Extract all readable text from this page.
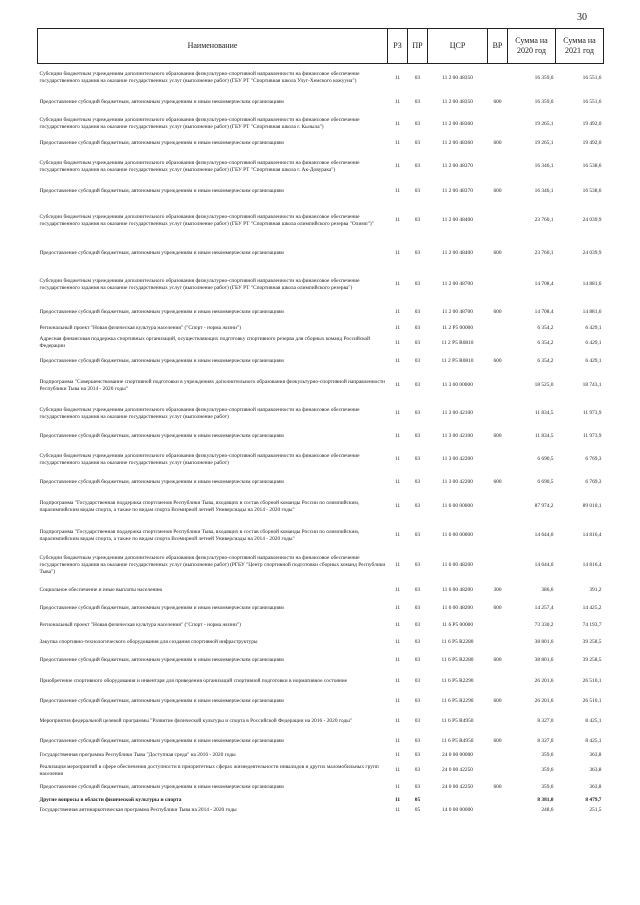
30
Наименование	РЗ	ПР	ЦСР	ВР	Сумма на 2020 год	Сумма на 2021 год
Субсидии бюджетным учреждениям дополнительного образования физкультурно-спортивной направленности на финансовое обеспечение государственного задания на оказание государственных услуг (выполнение работ) (ГБУ РТ "Спортивная школа Улуг-Хемского кожууна")	11	03	11 2 00 48350		16 359,0	16 551,6
Предоставление субсидий бюджетным, автономным учреждениям и иным некоммерческим организациям	11	03	11 2 00 48350	600	16 359,0	16 551,6
Субсидии бюджетным учреждениям дополнительного образования физкультурно-спортивной направленности на финансовое обеспечение государственного задания на оказание государственных услуг (выполнение работ) (ГБУ РТ "Спортивная школа г. Кызыла")	11	03	11 2 00 48360		19 265,1	19 492,0
Предоставление субсидий бюджетным, автономным учреждениям и иным некоммерческим организациям	11	03	11 2 00 48360	600	19 265,1	19 492,0
Субсидии бюджетным учреждениям дополнительного образования физкультурно-спортивной направленности на финансовое обеспечение государственного задания на оказание государственных услуг (выполнение работ) (ГБУ РТ "Спортивная школа г. Ак-Довурака")	11	03	11 2 00 48370		16 346,1	16 538,6
Предоставление субсидий бюджетным, автономным учреждениям и иным некоммерческим организациям	11	03	11 2 00 48370	600	16 346,1	16 538,6
Субсидии бюджетным учреждениям дополнительного образования физкультурно-спортивной направленности на финансовое обеспечение государственного задания на оказание государственных услуг (выполнение работ) (ГБУ РТ "Спортивная школа олимпийского резерва "Олимп")"	11	03	11 2 00 48400		23 760,1	24 039,9
Предоставление субсидий бюджетным, автономным учреждениям и иным некоммерческим организациям	11	03	11 2 00 48400	600	23 760,1	24 039,9
Субсидии бюджетным учреждениям дополнительного образования физкультурно-спортивной направленности на финансовое обеспечение государственного задания на оказание государственных услуг (выполнение работ) (ГБУ РТ "Спортивная школа олимпийского резерва")	11	03	11 2 00 48700		14 708,4	14 881,6
Предоставление субсидий бюджетным, автономным учреждениям и иным некоммерческим организациям	11	03	11 2 00 48700	600	14 708,4	14 881,6
Региональный проект "Новая физическая культура населения" ("Спорт - норма жизни")	11	03	11 2 P5 00000		6 354,2	6 429,1
Адресная финансовая поддержка спортивных организаций, осуществляющих подготовку спортивного резерва для сборных команд Российской Федерации	11	03	11 2 P5 R0810		6 354,2	6 429,1
Предоставление субсидий бюджетным, автономным учреждениям и иным некоммерческим организациям	11	03	11 2 P5 R0810	600	6 354,2	6 429,1
Подпрограмма "Совершенствование спортивной подготовки в учреждениях дополнительного образования физкультурно-спортивной направленности Республики Тыва на 2014 - 2020 годы"	11	03	11 3 00 00000		18 525,0	18 743,1
Субсидии бюджетным учреждениям дополнительного образования физкультурно-спортивной направленности на финансовое обеспечение государственного задания на оказание государственных услуг (выполнение работ)	11	03	11 3 00 42100		11 834,5	11 973,9
Предоставление субсидий бюджетным, автономным учреждениям и иным некоммерческим организациям	11	03	11 3 00 42100	600	11 834,5	11 973,9
Субсидии бюджетным учреждениям дополнительного образования физкультурно-спортивной направленности на финансовое обеспечение государственного задания на оказание государственных услуг (выполнение работ)	11	03	11 3 00 42200		6 690,5	6 769,3
Предоставление субсидий бюджетным, автономным учреждениям и иным некоммерческим организациям	11	03	11 3 00 42200	600	6 690,5	6 769,3
Подпрограмма "Государственная поддержка спортсменов Республики Тыва, входящих в состав сборной команды России по олимпийским, паралимпийским видам спорта, а также по видам спорта Всемирной летней Универсиады на 2014 - 2020 годы"	11	03	11 6 00 00000		87 974,2	89 010,1
Подпрограмма "Государственная поддержка спортсменов Республики Тыва, входящих в состав сборной команды России по олимпийским, паралимпийским видам спорта, а также по видам спорта Всемирной летней Универсиады на 2014 - 2020 годы"	11	03	11 6 00 00000		14 644,0	14 816,4
Субсидии бюджетным учреждениям дополнительного образования физкультурно-спортивной направленности на финансовое обеспечение государственного задания на оказание государственных услуг (выполнение работ) (РГБУ "Центр спортивной подготовки сборных команд Республики Тыва")	11	03	11 6 00 48200		14 644,0	14 816,4
Социальное обеспечение и иные выплаты населению	11	03	11 6 00 48200	300	386,6	391,2
Предоставление субсидий бюджетным, автономным учреждениям и иным некоммерческим организациям	11	03	11 6 00 48200	600	14 257,4	14 425,2
Региональный проект "Новая физическая культура населения" ("Спорт - норма жизни")	11	03	11 6 P5 00000		73 330,2	74 193,7
Закупка спортивно-технологического оборудования для создания спортивной инфраструктуры	11	03	11 6 P5 R2280		38 801,6	39 258,5
Предоставление субсидий бюджетным, автономным учреждениям и иным некоммерческим организациям	11	03	11 6 P5 R2280	600	38 801,6	39 258,5
Приобретение спортивного оборудования и инвентаря для приведения организаций спортивной подготовки в нормативное состояние	11	03	11 6 P5 R2290		26 201,6	26 510,1
Предоставление субсидий бюджетным, автономным учреждениям и иным некоммерческим организациям	11	03	11 6 P5 R2290	600	26 201,6	26 510,1
Мероприятия федеральной целевой программы "Развитие физической культуры и спорта в Российской Федерации на 2016 - 2020 годы"	11	03	11 6 P5 R4950		8 327,0	8 425,1
Предоставление субсидий бюджетным, автономным учреждениям и иным некоммерческим организациям	11	03	11 6 P5 R4950	600	8 327,0	8 425,1
Государственная программа Республики Тыва "Доступная среда" на 2016 - 2020 годы	11	03	24 0 00 00000		359,6	363,8
Реализация мероприятий в сфере обеспечения доступности в приоритетных сферах жизнедеятельности инвалидов и других маломобильных групп населения	11	03	24 0 00 42250		359,6	363,8
Предоставление субсидий бюджетным, автономным учреждениям и иным некоммерческим организациям	11	03	24 0 00 42250	600	359,6	363,8
Другие вопросы в области физической культуры и спорта	11	05			8 381,0	8 479,7
Государственная антинаркотическая программа Республики Тыва на 2014 - 2020 годы	11	05	14 0 00 00000		248,6	251,5
